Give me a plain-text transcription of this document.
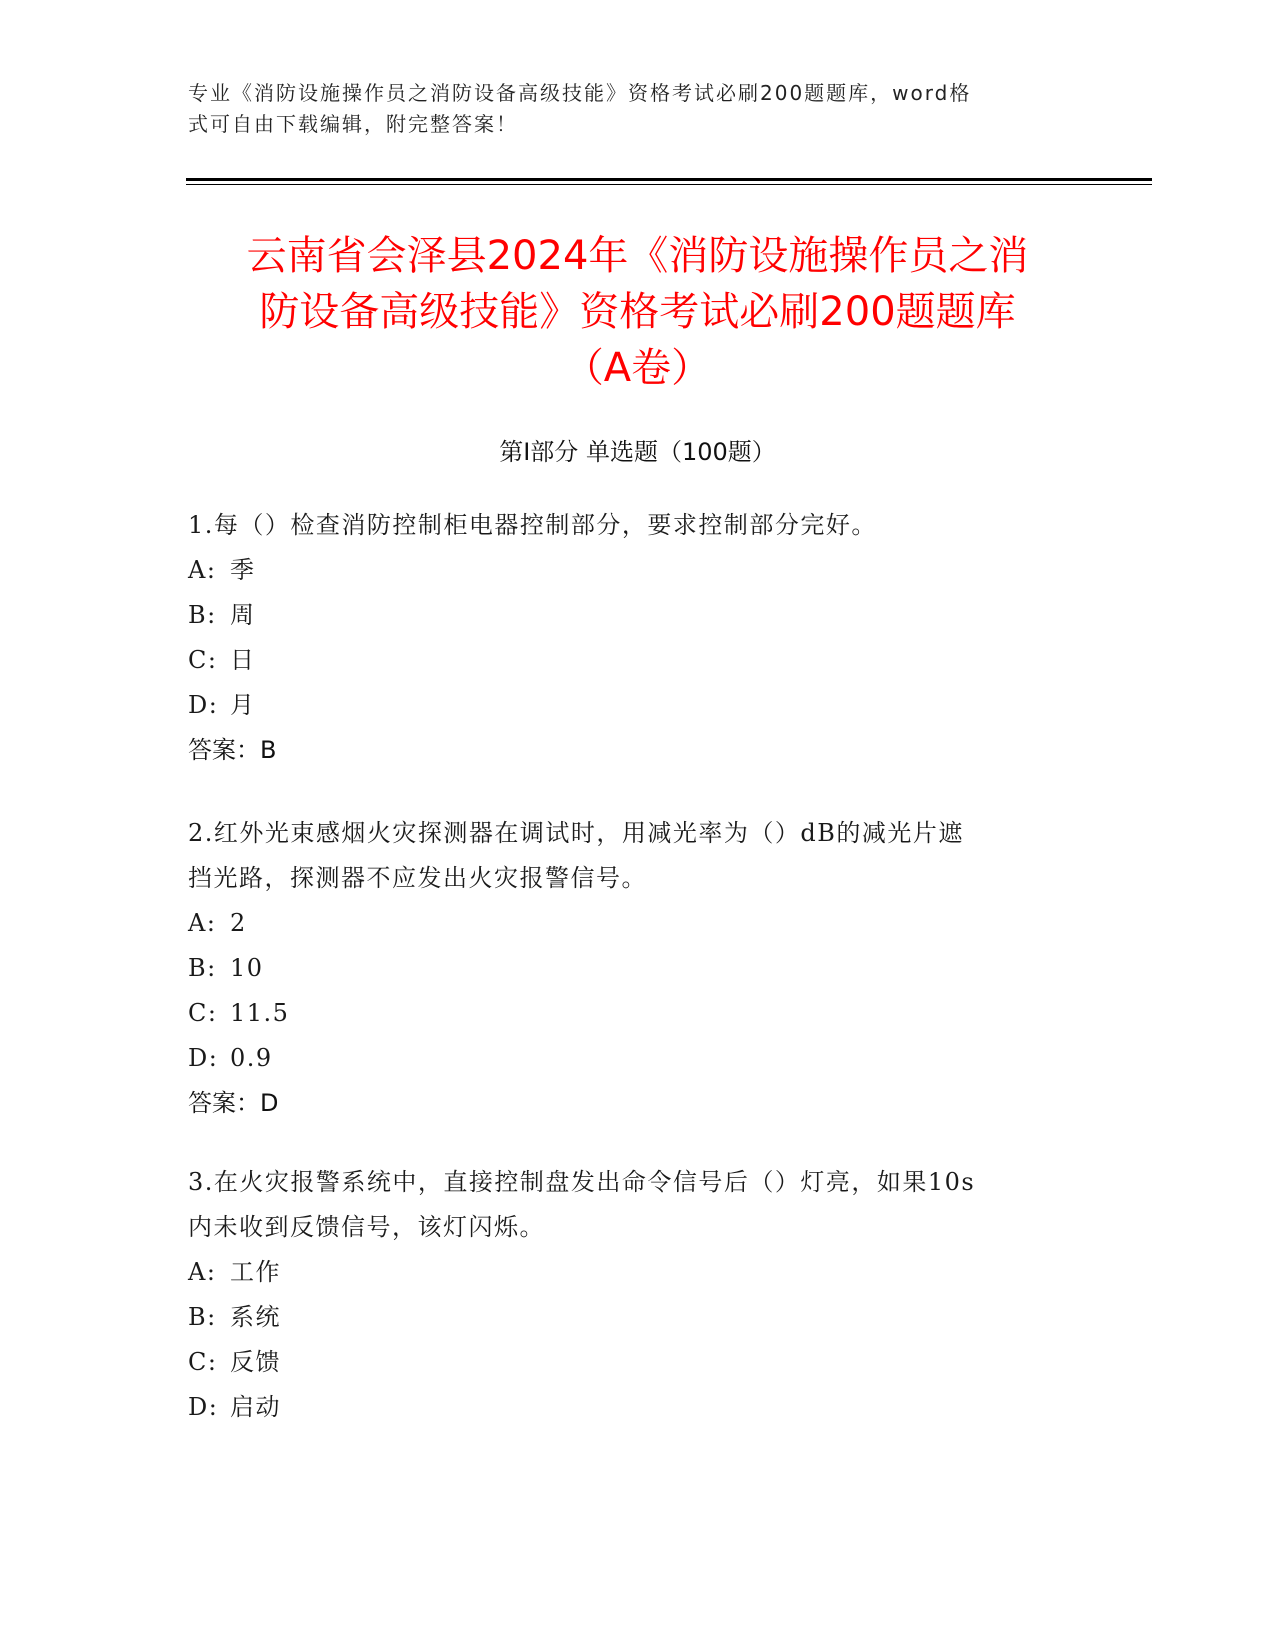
专业《消防设施操作员之消防设备高级技能》资格考试必刷200题题库，word格
式可自由下载编辑，附完整答案！
云南省会泽县2024年《消防设施操作员之消
防设备高级技能》资格考试必刷200题题库
（A卷）
第Ⅰ部分 单选题（100题）

1.每（）检查消防控制柜电器控制部分，要求控制部分完好。

A: 季

B: 周

C: 日

D: 月

答案：B

2.红外光束感烟火灾探测器在调试时，用减光率为（）dB的减光片遮

挡光路，探测器不应发出火灾报警信号。

A: 2

B: 10

C: 11.5

D: 0.9

答案：D

3.在火灾报警系统中，直接控制盘发出命令信号后（）灯亮，如果10s

内未收到反馈信号，该灯闪烁。

A: 工作

B: 系统

C: 反馈

D: 启动
